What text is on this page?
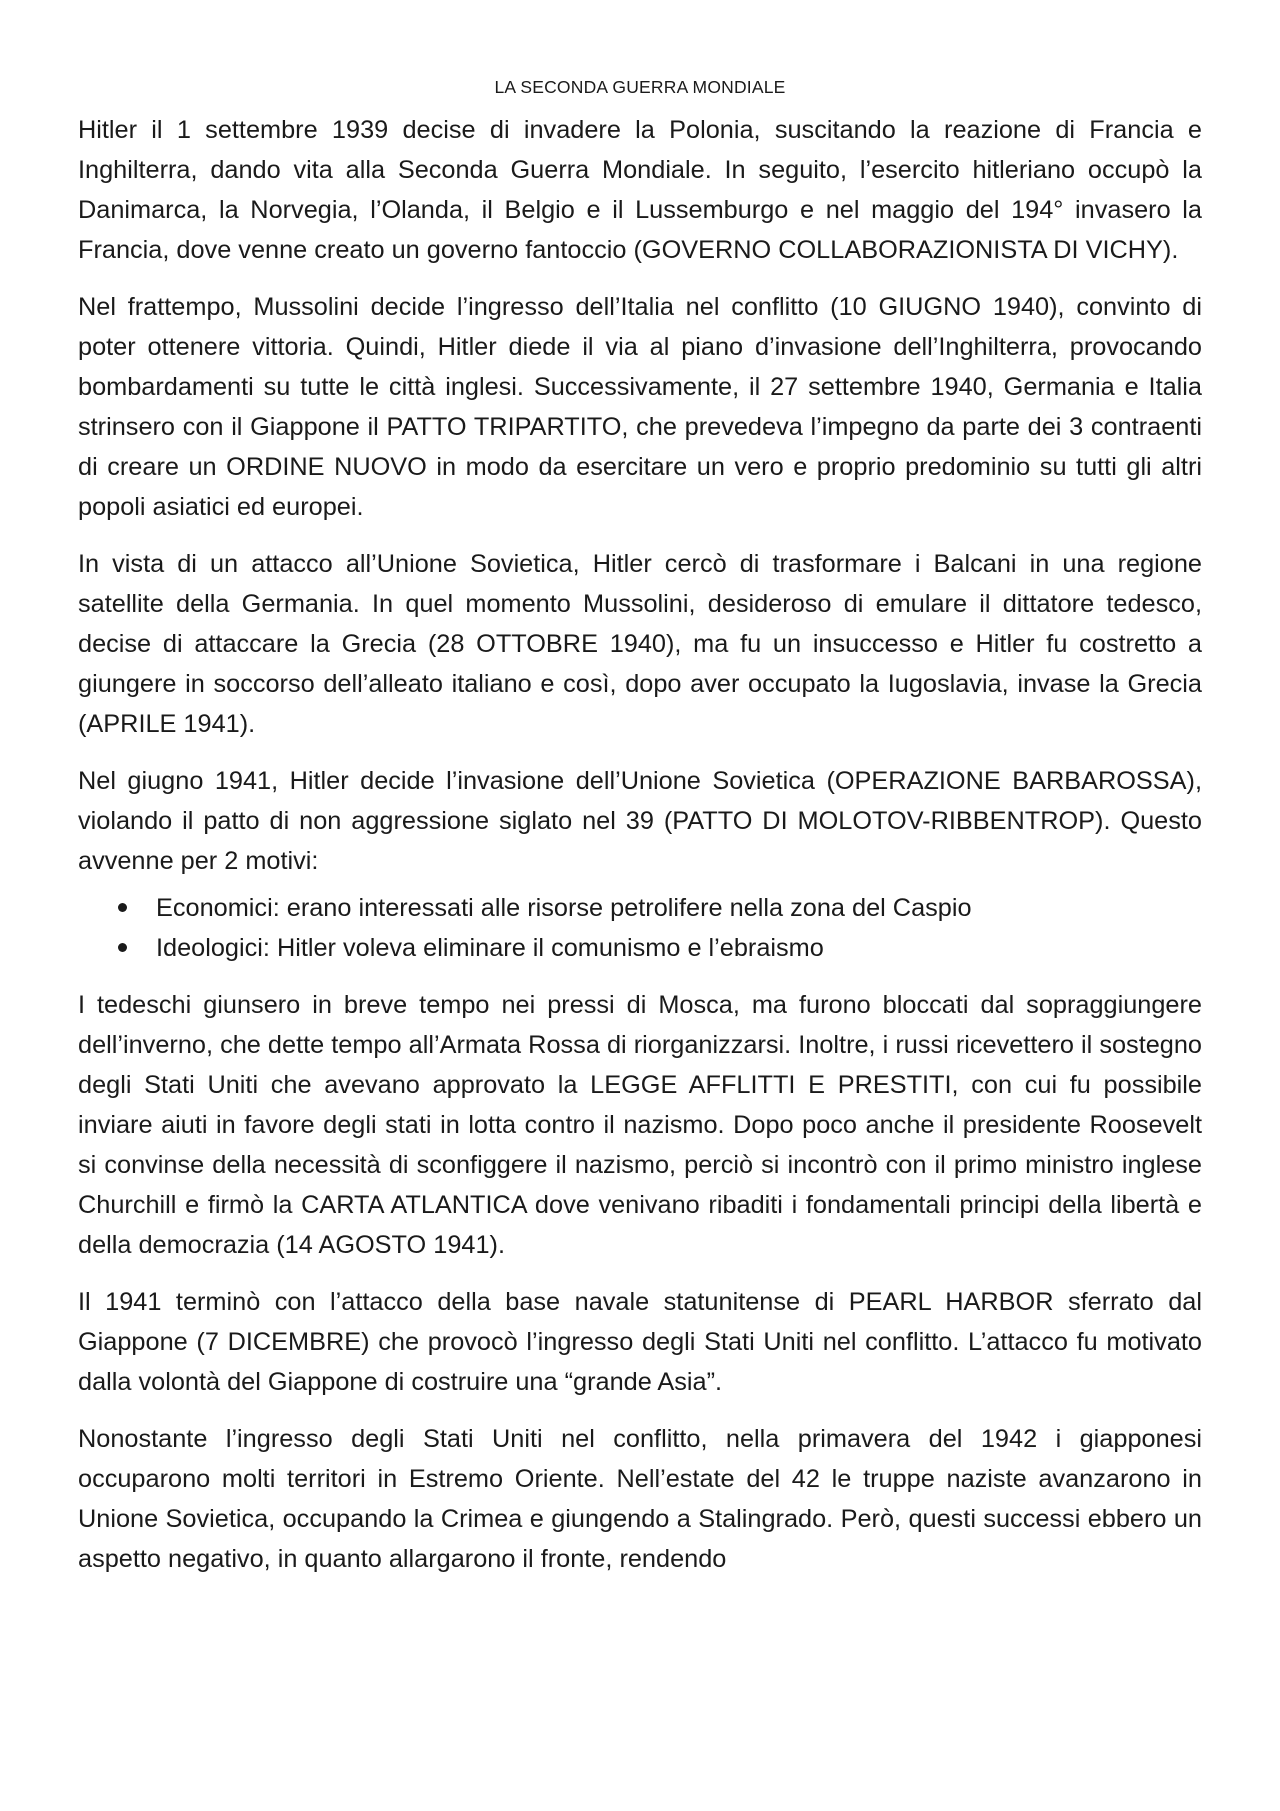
LA SECONDA GUERRA MONDIALE

Hitler il 1 settembre 1939 decise di invadere la Polonia, suscitando la reazione di Francia e Inghilterra, dando vita alla Seconda Guerra Mondiale. In seguito, l’esercito hitleriano occupò la Danimarca, la Norvegia, l’Olanda, il Belgio e il Lussemburgo e nel maggio del 194° invasero la Francia, dove venne creato un governo fantoccio (GOVERNO COLLABORAZIONISTA DI VICHY).

Nel frattempo, Mussolini decide l’ingresso dell’Italia nel conflitto (10 GIUGNO 1940), convinto di poter ottenere vittoria. Quindi, Hitler diede il via al piano d’invasione dell’Inghilterra, provocando bombardamenti su tutte le città inglesi. Successivamente, il 27 settembre 1940, Germania e Italia strinsero con il Giappone il PATTO TRIPARTITO, che prevedeva l’impegno da parte dei 3 contraenti di creare un ORDINE NUOVO in modo da esercitare un vero e proprio predominio su tutti gli altri popoli asiatici ed europei.

In vista di un attacco all’Unione Sovietica, Hitler cercò di trasformare i Balcani in una regione satellite della Germania. In quel momento Mussolini, desideroso di emulare il dittatore tedesco, decise di attaccare la Grecia (28 OTTOBRE 1940), ma fu un insuccesso e Hitler fu costretto a giungere in soccorso dell’alleato italiano e così, dopo aver occupato la Iugoslavia, invase la Grecia (APRILE 1941).

Nel giugno 1941, Hitler decide l’invasione dell’Unione Sovietica (OPERAZIONE BARBAROSSA), violando il patto di non aggressione siglato nel 39 (PATTO DI MOLOTOV-RIBBENTROP). Questo avvenne per 2 motivi:

Economici: erano interessati alle risorse petrolifere nella zona del Caspio
Ideologici: Hitler voleva eliminare il comunismo e l’ebraismo

I tedeschi giunsero in breve tempo nei pressi di Mosca, ma furono bloccati dal sopraggiungere dell’inverno, che dette tempo all’Armata Rossa di riorganizzarsi. Inoltre, i russi ricevettero il sostegno degli Stati Uniti che avevano approvato la LEGGE AFFLITTI E PRESTITI, con cui fu possibile inviare aiuti in favore degli stati in lotta contro il nazismo. Dopo poco anche il presidente Roosevelt si convinse della necessità di sconfiggere il nazismo, perciò si incontrò con il primo ministro inglese Churchill e firmò la CARTA ATLANTICA dove venivano ribaditi i fondamentali principi della libertà e della democrazia (14 AGOSTO 1941).

Il 1941 terminò con l’attacco della base navale statunitense di PEARL HARBOR sferrato dal Giappone (7 DICEMBRE) che provocò l’ingresso degli Stati Uniti nel conflitto. L’attacco fu motivato dalla volontà del Giappone di costruire una “grande Asia”.

Nonostante l’ingresso degli Stati Uniti nel conflitto, nella primavera del 1942 i giapponesi occuparono molti territori in Estremo Oriente. Nell’estate del 42 le truppe naziste avanzarono in Unione Sovietica, occupando la Crimea e giungendo a Stalingrado. Però, questi successi ebbero un aspetto negativo, in quanto allargarono il fronte, rendendo
